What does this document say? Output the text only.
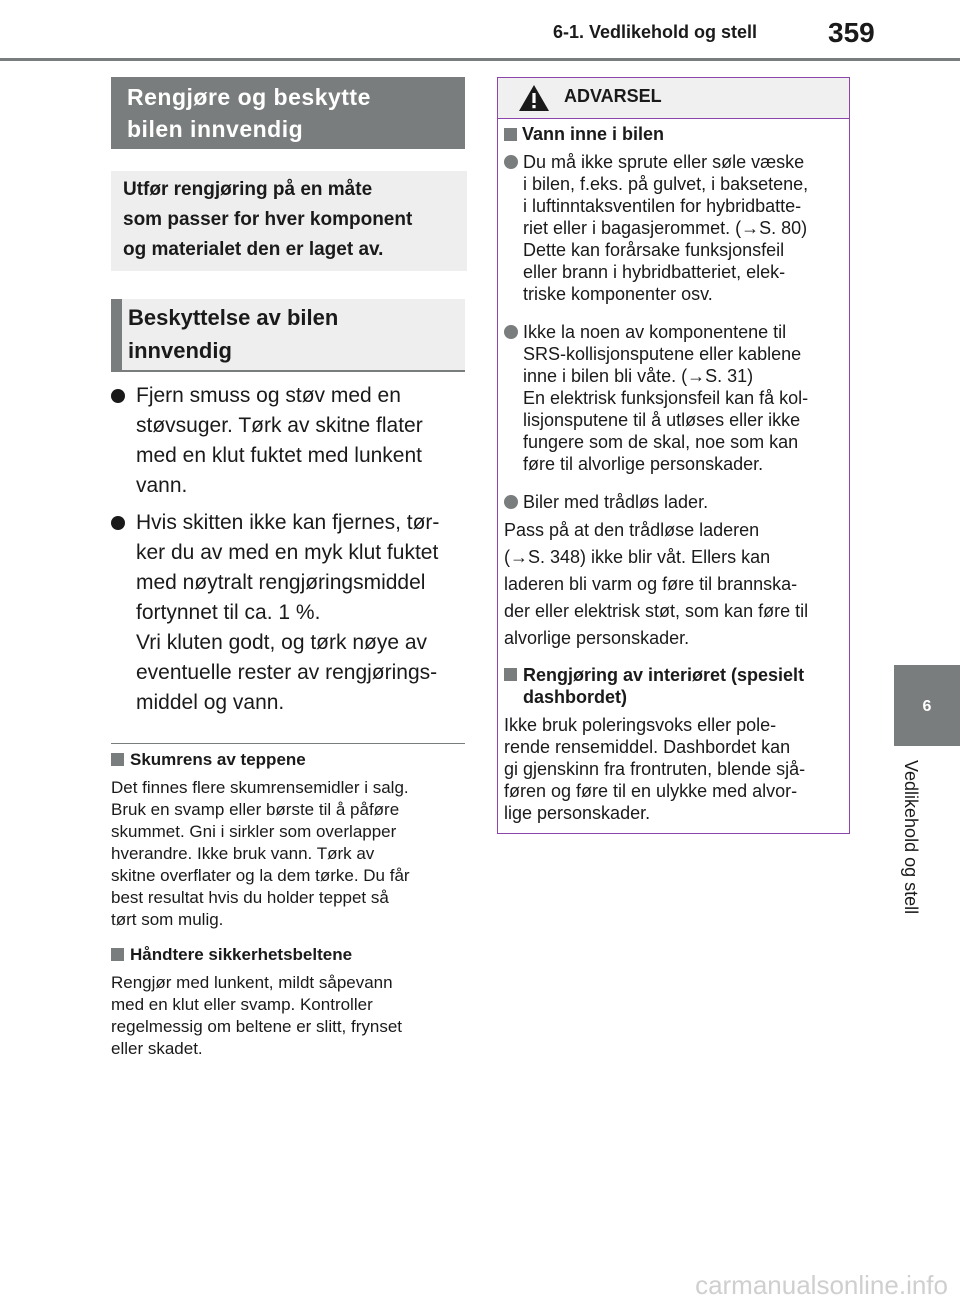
6-1. Vedlikehold og stell	359
6
Vedlikehold og stell
Rengjøre og beskytte
bilen innvendig
Utfør rengjøring på en måte
som passer for hver komponent
og materialet den er laget av.
Beskyttelse av bilen
innvendig
Fjern smuss og støv med en
støvsuger. Tørk av skitne flater
med en klut fuktet med lunkent
vann.
Hvis skitten ikke kan fjernes, tør-
ker du av med en myk klut fuktet
med nøytralt rengjøringsmiddel
fortynnet til ca. 1 %.
Vri kluten godt, og tørk nøye av
eventuelle rester av rengjørings-
middel og vann.
Skumrens av teppene
Det finnes flere skumrensemidler i salg.
Bruk en svamp eller børste til å påføre
skummet. Gni i sirkler som overlapper
hverandre. Ikke bruk vann. Tørk av
skitne overflater og la dem tørke. Du får
best resultat hvis du holder teppet så
tørt som mulig.
Håndtere sikkerhetsbeltene
Rengjør med lunkent, mildt såpevann
med en klut eller svamp. Kontroller
regelmessig om beltene er slitt, frynset
eller skadet.
ADVARSEL
Vann inne i bilen
Du må ikke sprute eller søle væske
i bilen, f.eks. på gulvet, i baksetene,
i luftinntaksventilen for hybridbatte-
riet eller i bagasjerommet. (→S. 80)
Dette kan forårsake funksjonsfeil
eller brann i hybridbatteriet, elek-
triske komponenter osv.
Ikke la noen av komponentene til
SRS-kollisjonsputene eller kablene
inne i bilen bli våte. (→S. 31)
En elektrisk funksjonsfeil kan få kol-
lisjonsputene til å utløses eller ikke
fungere som de skal, noe som kan
føre til alvorlige personskader.
Biler med trådløs lader.
Pass på at den trådløse laderen
(→S. 348) ikke blir våt. Ellers kan
laderen bli varm og føre til brannska-
der eller elektrisk støt, som kan føre til
alvorlige personskader.
Rengjøring av interiøret (spesielt
dashbordet)
Ikke bruk poleringsvoks eller pole-
rende rensemiddel. Dashbordet kan
gi gjenskinn fra frontruten, blende sjå-
føren og føre til en ulykke med alvor-
lige personskader.
carmanualsonline.info
